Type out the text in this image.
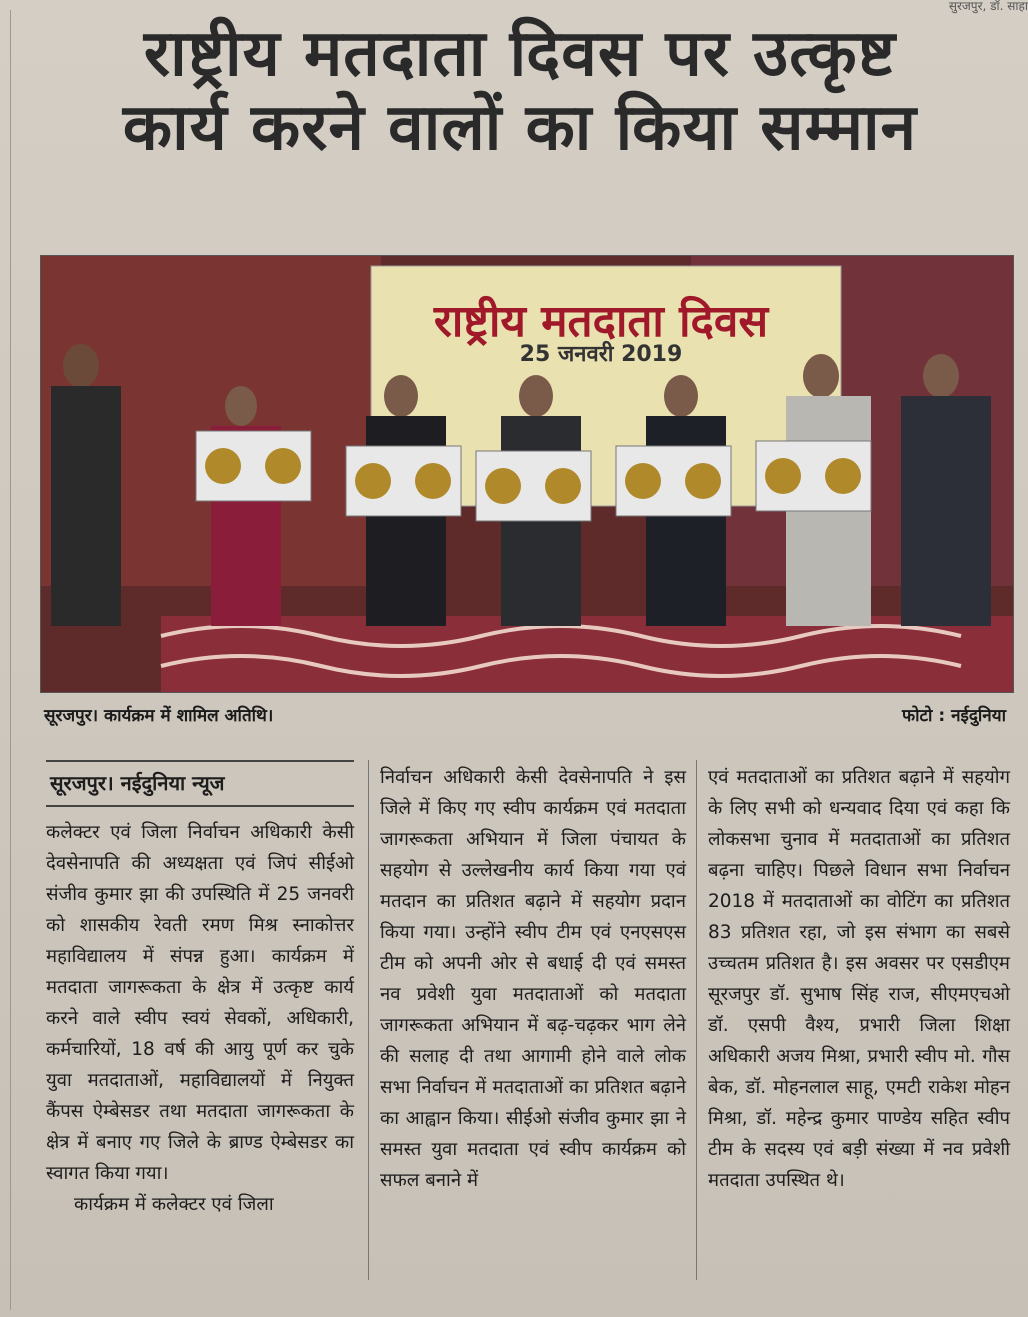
सुरजपुर, डॉ. साहा
राष्ट्रीय मतदाता दिवस पर उत्कृष्ट
कार्य करने वालों का किया सम्मान
राष्ट्रीय मतदाता दिवस
25 जनवरी 2019
सूरजपुर। कार्यक्रम में शामिल अतिथि।	फोटो : नईदुनिया
सूरजपुर। नईदुनिया न्यूज

कलेक्टर एवं जिला निर्वाचन अधिकारी केसी देवसेनापति की अध्यक्षता एवं जिपं सीईओ संजीव कुमार झा की उपस्थिति में 25 जनवरी को शासकीय रेवती रमण मिश्र स्नाकोत्तर महाविद्यालय में संपन्न हुआ। कार्यक्रम में मतदाता जागरूकता के क्षेत्र में उत्कृष्ट कार्य करने वाले स्वीप स्वयं सेवकों, अधिकारी, कर्मचारियों, 18 वर्ष की आयु पूर्ण कर चुके युवा मतदाताओं, महाविद्यालयों में नियुक्त कैंपस ऐम्बेसडर तथा मतदाता जागरूकता के क्षेत्र में बनाए गए जिले के ब्राण्ड ऐम्बेसडर का स्वागत किया गया।

कार्यक्रम में कलेक्टर एवं जिला

निर्वाचन अधिकारी केसी देवसेनापति ने इस जिले में किए गए स्वीप कार्यक्रम एवं मतदाता जागरूकता अभियान में जिला पंचायत के सहयोग से उल्लेखनीय कार्य किया गया एवं मतदान का प्रतिशत बढ़ाने में सहयोग प्रदान किया गया। उन्होंने स्वीप टीम एवं एनएसएस टीम को अपनी ओर से बधाई दी एवं समस्त नव प्रवेशी युवा मतदाताओं को मतदाता जागरूकता अभियान में बढ़-चढ़कर भाग लेने की सलाह दी तथा आगामी होने वाले लोक सभा निर्वाचन में मतदाताओं का प्रतिशत बढ़ाने का आह्वान किया। सीईओ संजीव कुमार झा ने समस्त युवा मतदाता एवं स्वीप कार्यक्रम को सफल बनाने में

एवं मतदाताओं का प्रतिशत बढ़ाने में सहयोग के लिए सभी को धन्यवाद दिया एवं कहा कि लोकसभा चुनाव में मतदाताओं का प्रतिशत बढ़ना चाहिए। पिछले विधान सभा निर्वाचन 2018 में मतदाताओं का वोटिंग का प्रतिशत 83 प्रतिशत रहा, जो इस संभाग का सबसे उच्चतम प्रतिशत है। इस अवसर पर एसडीएम सूरजपुर डॉ. सुभाष सिंह राज, सीएमएचओ डॉ. एसपी वैश्य, प्रभारी जिला शिक्षा अधिकारी अजय मिश्रा, प्रभारी स्वीप मो. गौस बेक, डॉ. मोहनलाल साहू, एमटी राकेश मोहन मिश्रा, डॉ. महेन्द्र कुमार पाण्डेय सहित स्वीप टीम के सदस्य एवं बड़ी संख्या में नव प्रवेशी मतदाता उपस्थित थे।
